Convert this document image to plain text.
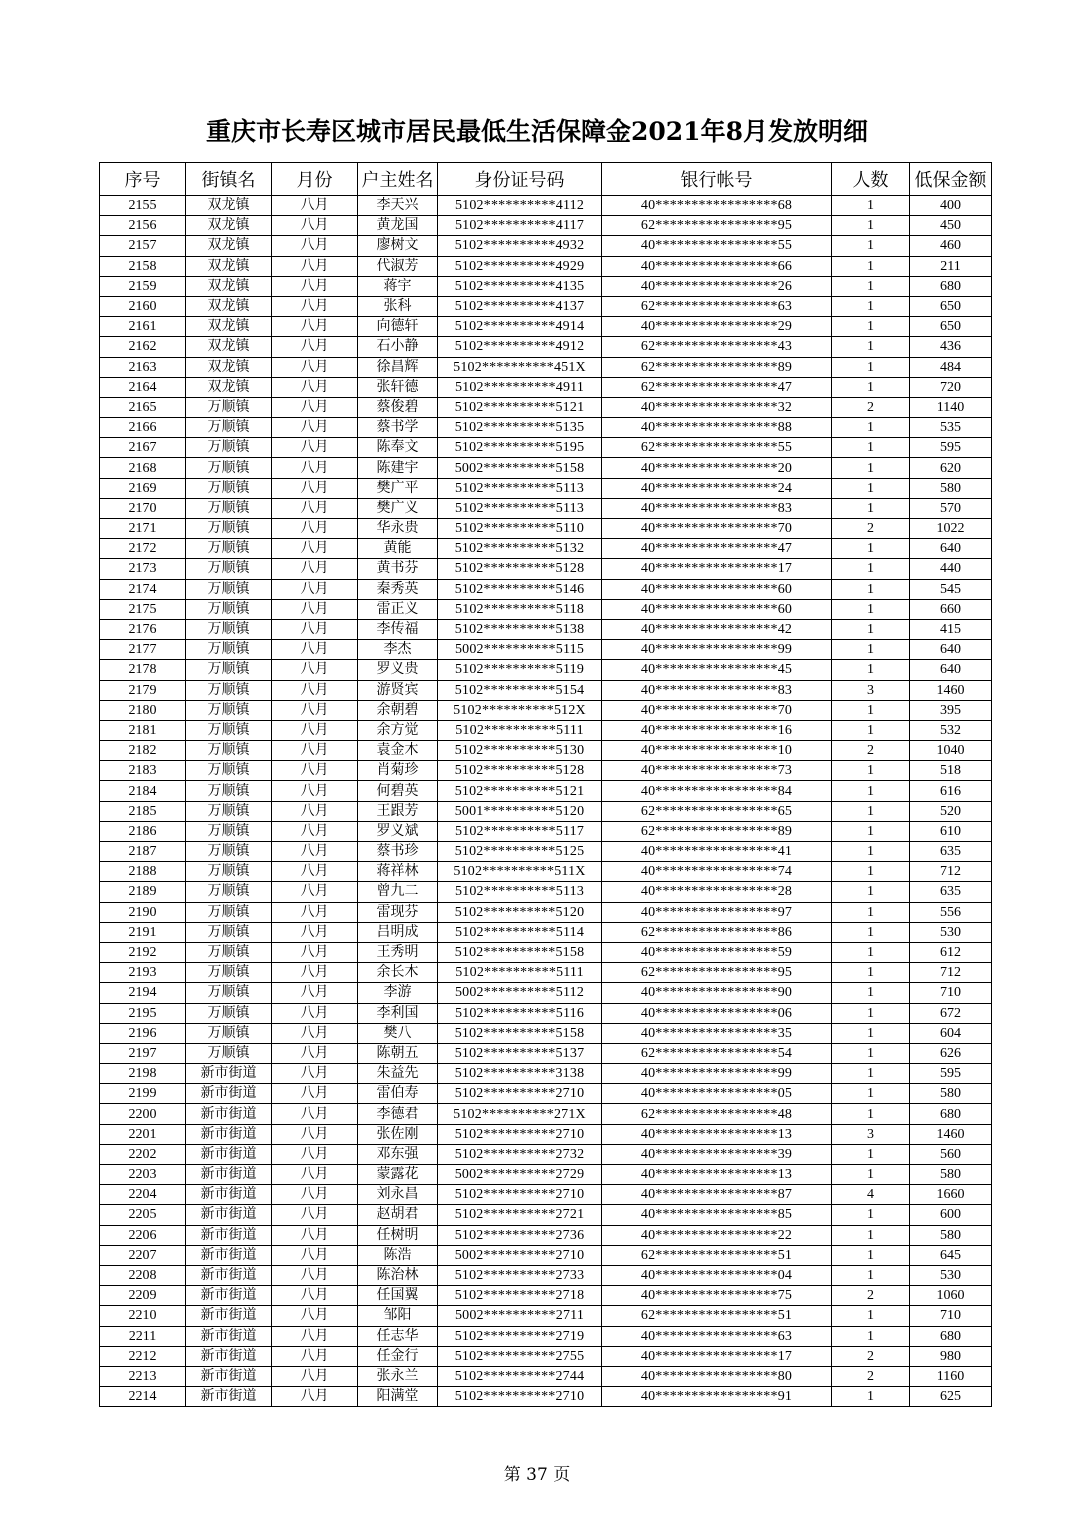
重庆市长寿区城市居民最低生活保障金2021年8月发放明细
序号	街镇名	月份	户主姓名	身份证号码	银行帐号	人数	低保金额
2155	双龙镇	八月	李天兴	5102**********4112	40*****************68	1	400
2156	双龙镇	八月	黄龙国	5102**********4117	62*****************95	1	450
2157	双龙镇	八月	廖树文	5102**********4932	40*****************55	1	460
2158	双龙镇	八月	代淑芳	5102**********4929	40*****************66	1	211
2159	双龙镇	八月	蒋宇	5102**********4135	40*****************26	1	680
2160	双龙镇	八月	张科	5102**********4137	62*****************63	1	650
2161	双龙镇	八月	向德轩	5102**********4914	40*****************29	1	650
2162	双龙镇	八月	石小静	5102**********4912	62*****************43	1	436
2163	双龙镇	八月	徐昌辉	5102**********451X	62*****************89	1	484
2164	双龙镇	八月	张轩德	5102**********4911	62*****************47	1	720
2165	万顺镇	八月	蔡俊碧	5102**********5121	40*****************32	2	1140
2166	万顺镇	八月	蔡书学	5102**********5135	40*****************88	1	535
2167	万顺镇	八月	陈奉文	5102**********5195	62*****************55	1	595
2168	万顺镇	八月	陈建宇	5002**********5158	40*****************20	1	620
2169	万顺镇	八月	樊广平	5102**********5113	40*****************24	1	580
2170	万顺镇	八月	樊广义	5102**********5113	40*****************83	1	570
2171	万顺镇	八月	华永贵	5102**********5110	40*****************70	2	1022
2172	万顺镇	八月	黄能	5102**********5132	40*****************47	1	640
2173	万顺镇	八月	黄书芬	5102**********5128	40*****************17	1	440
2174	万顺镇	八月	秦秀英	5102**********5146	40*****************60	1	545
2175	万顺镇	八月	雷正义	5102**********5118	40*****************60	1	660
2176	万顺镇	八月	李传福	5102**********5138	40*****************42	1	415
2177	万顺镇	八月	李杰	5002**********5115	40*****************99	1	640
2178	万顺镇	八月	罗义贵	5102**********5119	40*****************45	1	640
2179	万顺镇	八月	游贤宾	5102**********5154	40*****************83	3	1460
2180	万顺镇	八月	余朝碧	5102**********512X	40*****************70	1	395
2181	万顺镇	八月	余方觉	5102**********5111	40*****************16	1	532
2182	万顺镇	八月	袁金木	5102**********5130	40*****************10	2	1040
2183	万顺镇	八月	肖菊珍	5102**********5128	40*****************73	1	518
2184	万顺镇	八月	何碧英	5102**********5121	40*****************84	1	616
2185	万顺镇	八月	王跟芳	5001**********5120	62*****************65	1	520
2186	万顺镇	八月	罗义斌	5102**********5117	62*****************89	1	610
2187	万顺镇	八月	蔡书珍	5102**********5125	40*****************41	1	635
2188	万顺镇	八月	蒋祥林	5102**********511X	40*****************74	1	712
2189	万顺镇	八月	曾九二	5102**********5113	40*****************28	1	635
2190	万顺镇	八月	雷现芬	5102**********5120	40*****************97	1	556
2191	万顺镇	八月	吕明成	5102**********5114	62*****************86	1	530
2192	万顺镇	八月	王秀明	5102**********5158	40*****************59	1	612
2193	万顺镇	八月	余长木	5102**********5111	62*****************95	1	712
2194	万顺镇	八月	李游	5002**********5112	40*****************90	1	710
2195	万顺镇	八月	李利国	5102**********5116	40*****************06	1	672
2196	万顺镇	八月	樊八	5102**********5158	40*****************35	1	604
2197	万顺镇	八月	陈朝五	5102**********5137	62*****************54	1	626
2198	新市街道	八月	朱益先	5102**********3138	40*****************99	1	595
2199	新市街道	八月	雷伯寿	5102**********2710	40*****************05	1	580
2200	新市街道	八月	李德君	5102**********271X	62*****************48	1	680
2201	新市街道	八月	张佐刚	5102**********2710	40*****************13	3	1460
2202	新市街道	八月	邓东强	5102**********2732	40*****************39	1	560
2203	新市街道	八月	蒙露花	5002**********2729	40*****************13	1	580
2204	新市街道	八月	刘永昌	5102**********2710	40*****************87	4	1660
2205	新市街道	八月	赵胡君	5102**********2721	40*****************85	1	600
2206	新市街道	八月	任树明	5102**********2736	40*****************22	1	580
2207	新市街道	八月	陈浩	5002**********2710	62*****************51	1	645
2208	新市街道	八月	陈治林	5102**********2733	40*****************04	1	530
2209	新市街道	八月	任国翼	5102**********2718	40*****************75	2	1060
2210	新市街道	八月	邹阳	5002**********2711	62*****************51	1	710
2211	新市街道	八月	任志华	5102**********2719	40*****************63	1	680
2212	新市街道	八月	任金行	5102**********2755	40*****************17	2	980
2213	新市街道	八月	张永兰	5102**********2744	40*****************80	2	1160
2214	新市街道	八月	阳满堂	5102**********2710	40*****************91	1	625
第 37 页
